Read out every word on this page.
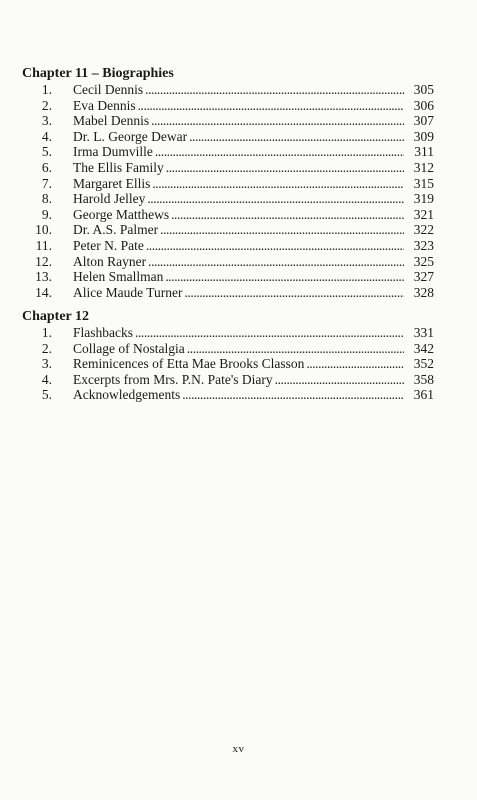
Chapter 11 – Biographies
1. Cecil Dennis . . .	305
2. Eva Dennis . . .	306
3. Mabel Dennis . . .	307
4. Dr. L. George Dewar . . .	309
5. Irma Dumville . . .	311
6. The Ellis Family . . .	312
7. Margaret Ellis . . .	315
8. Harold Jelley . . .	319
9. George Matthews . . .	321
10. Dr. A.S. Palmer . . .	322
11. Peter N. Pate . . .	323
12. Alton Rayner . . .	325
13. Helen Smallman . . .	327
14. Alice Maude Turner . . .	328
Chapter 12
1. Flashbacks . . .	331
2. Collage of Nostalgia . . .	342
3. Reminicences of Etta Mae Brooks Classon . . .	352
4. Excerpts from Mrs. P.N. Pate's Diary . . .	358
5. Acknowledgements . . .	361
xv
